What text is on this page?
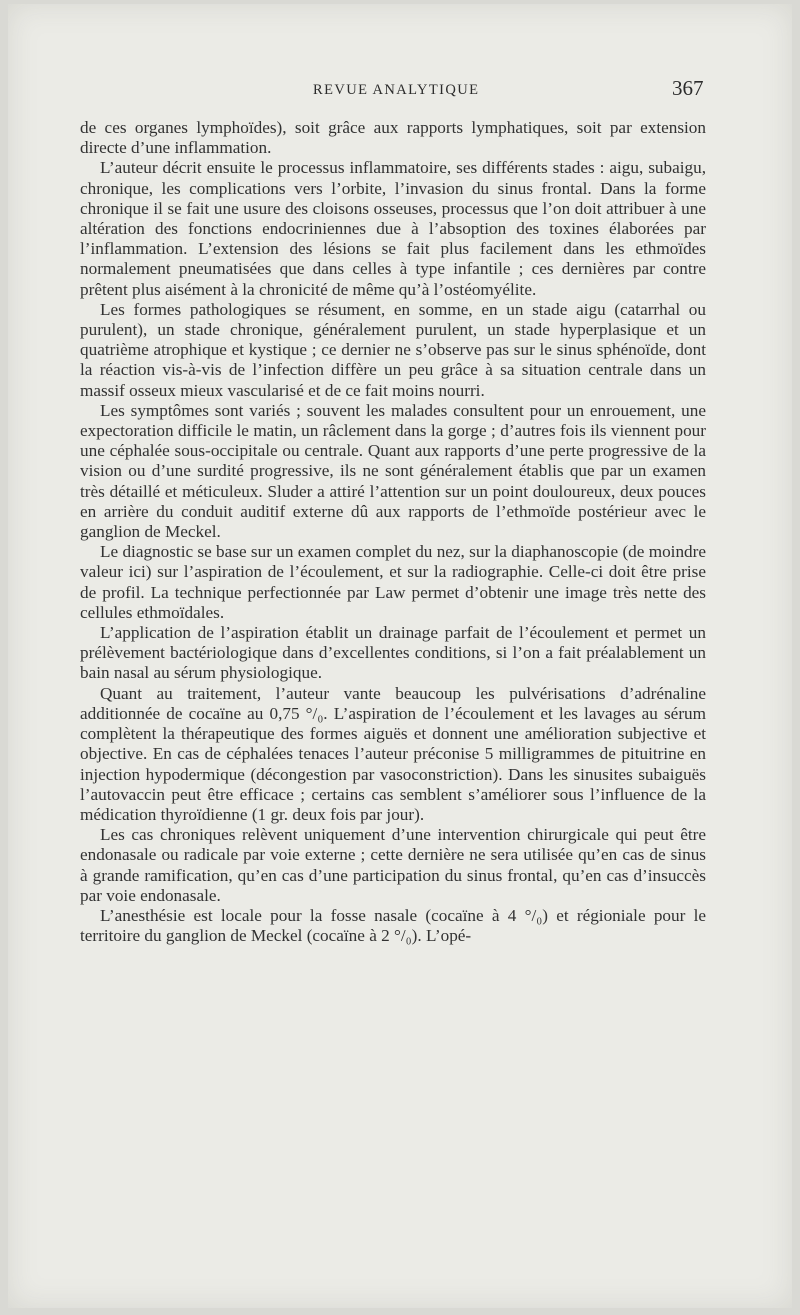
REVUE ANALYTIQUE	367

de ces organes lymphoïdes), soit grâce aux rapports lymphatiques, soit par extension directe d’une inflammation.

L’auteur décrit ensuite le processus inflammatoire, ses différents stades : aigu, subaigu, chronique, les complications vers l’orbite, l’invasion du sinus frontal. Dans la forme chronique il se fait une usure des cloisons osseuses, processus que l’on doit attribuer à une altération des fonctions endocriniennes due à l’absoption des toxines élaborées par l’inflammation. L’extension des lésions se fait plus facilement dans les ethmoïdes normalement pneumatisées que dans celles à type infantile ; ces dernières par contre prêtent plus aisément à la chronicité de même qu’à l’ostéomyélite.

Les formes pathologiques se résument, en somme, en un stade aigu (catarrhal ou purulent), un stade chronique, généralement purulent, un stade hyperplasique et un quatrième atrophique et kystique ; ce dernier ne s’observe pas sur le sinus sphénoïde, dont la réaction vis-à-vis de l’infection diffère un peu grâce à sa situation centrale dans un massif osseux mieux vascularisé et de ce fait moins nourri.

Les symptômes sont variés ; souvent les malades consultent pour un enrouement, une expectoration difficile le matin, un râclement dans la gorge ; d’autres fois ils viennent pour une céphalée sous-occipitale ou centrale. Quant aux rapports d’une perte progressive de la vision ou d’une surdité progressive, ils ne sont généralement établis que par un examen très détaillé et méticuleux. Sluder a attiré l’attention sur un point douloureux, deux pouces en arrière du conduit auditif externe dû aux rapports de l’ethmoïde postérieur avec le ganglion de Meckel.

Le diagnostic se base sur un examen complet du nez, sur la diaphanoscopie (de moindre valeur ici) sur l’aspiration de l’écoulement, et sur la radiographie. Celle-ci doit être prise de profil. La technique perfectionnée par Law permet d’obtenir une image très nette des cellules ethmoïdales.

L’application de l’aspiration établit un drainage parfait de l’écoulement et permet un prélèvement bactériologique dans d’excellentes conditions, si l’on a fait préalablement un bain nasal au sérum physiologique.

Quant au traitement, l’auteur vante beaucoup les pulvérisations d’adrénaline additionnée de cocaïne au 0,75 °/₀. L’aspiration de l’écoulement et les lavages au sérum complètent la thérapeutique des formes aiguës et donnent une amélioration subjective et objective. En cas de céphalées tenaces l’auteur préconise 5 milligrammes de pituitrine en injection hypodermique (décongestion par vasoconstriction). Dans les sinusites subaiguës l’autovaccin peut être efficace ; certains cas semblent s’améliorer sous l’influence de la médication thyroïdienne (1 gr. deux fois par jour).

Les cas chroniques relèvent uniquement d’une intervention chirurgicale qui peut être endonasale ou radicale par voie externe ; cette dernière ne sera utilisée qu’en cas de sinus à grande ramification, qu’en cas d’une participation du sinus frontal, qu’en cas d’insuccès par voie endonasale.

L’anesthésie est locale pour la fosse nasale (cocaïne à 4 °/₀) et régioniale pour le territoire du ganglion de Meckel (cocaïne à 2 °/₀). L’opé-
